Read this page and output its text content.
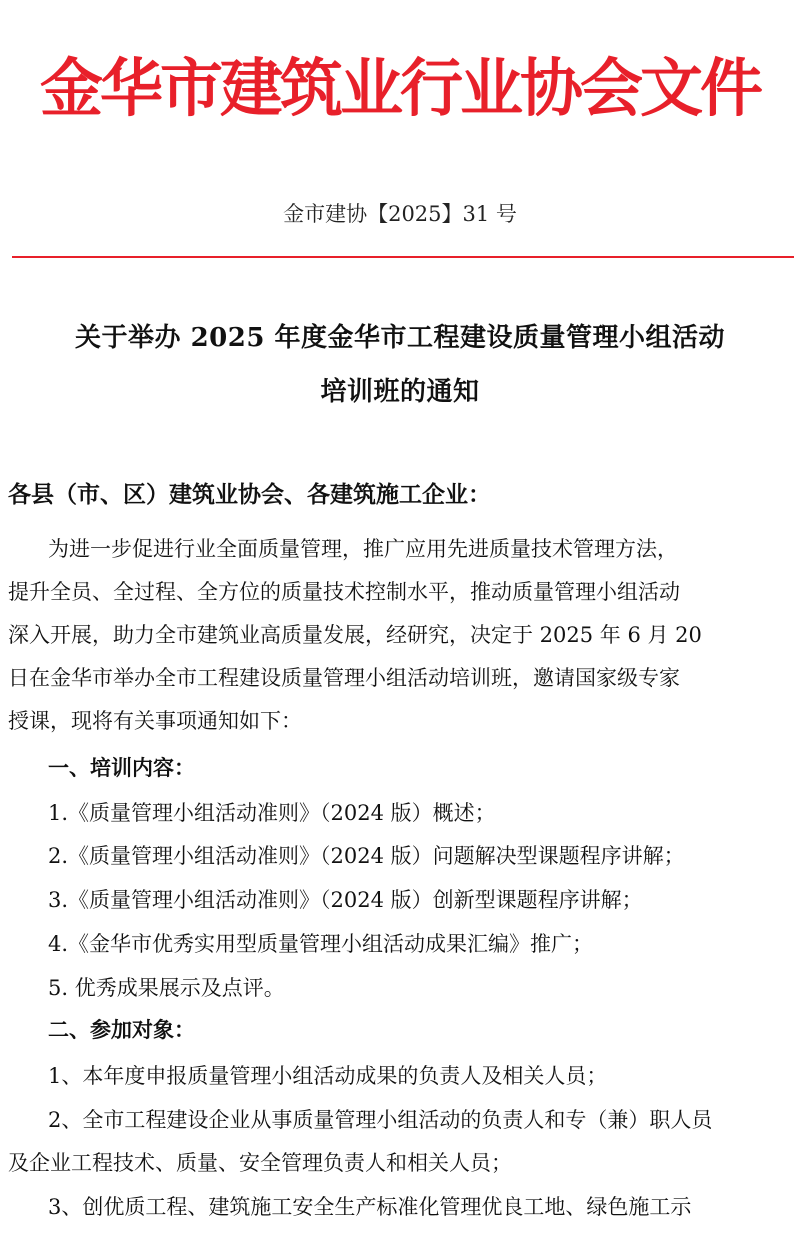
金华市建筑业行业协会文件
金市建协【2025】31 号
关于举办 2025 年度金华市工程建设质量管理小组活动
培训班的通知
各县（市、区）建筑业协会、各建筑施工企业：
为进一步促进行业全面质量管理，推广应用先进质量技术管理方法，
提升全员、全过程、全方位的质量技术控制水平，推动质量管理小组活动
深入开展，助力全市建筑业高质量发展，经研究，决定于 2025 年 6 月 20
日在金华市举办全市工程建设质量管理小组活动培训班，邀请国家级专家
授课，现将有关事项通知如下：
一、培训内容：
1.《质量管理小组活动准则》（2024 版）概述；
2.《质量管理小组活动准则》（2024 版）问题解决型课题程序讲解；
3.《质量管理小组活动准则》（2024 版）创新型课题程序讲解；
4.《金华市优秀实用型质量管理小组活动成果汇编》推广；
5. 优秀成果展示及点评。
二、参加对象：
1、本年度申报质量管理小组活动成果的负责人及相关人员；
2、全市工程建设企业从事质量管理小组活动的负责人和专（兼）职人员
及企业工程技术、质量、安全管理负责人和相关人员；
3、创优质工程、建筑施工安全生产标准化管理优良工地、绿色施工示
